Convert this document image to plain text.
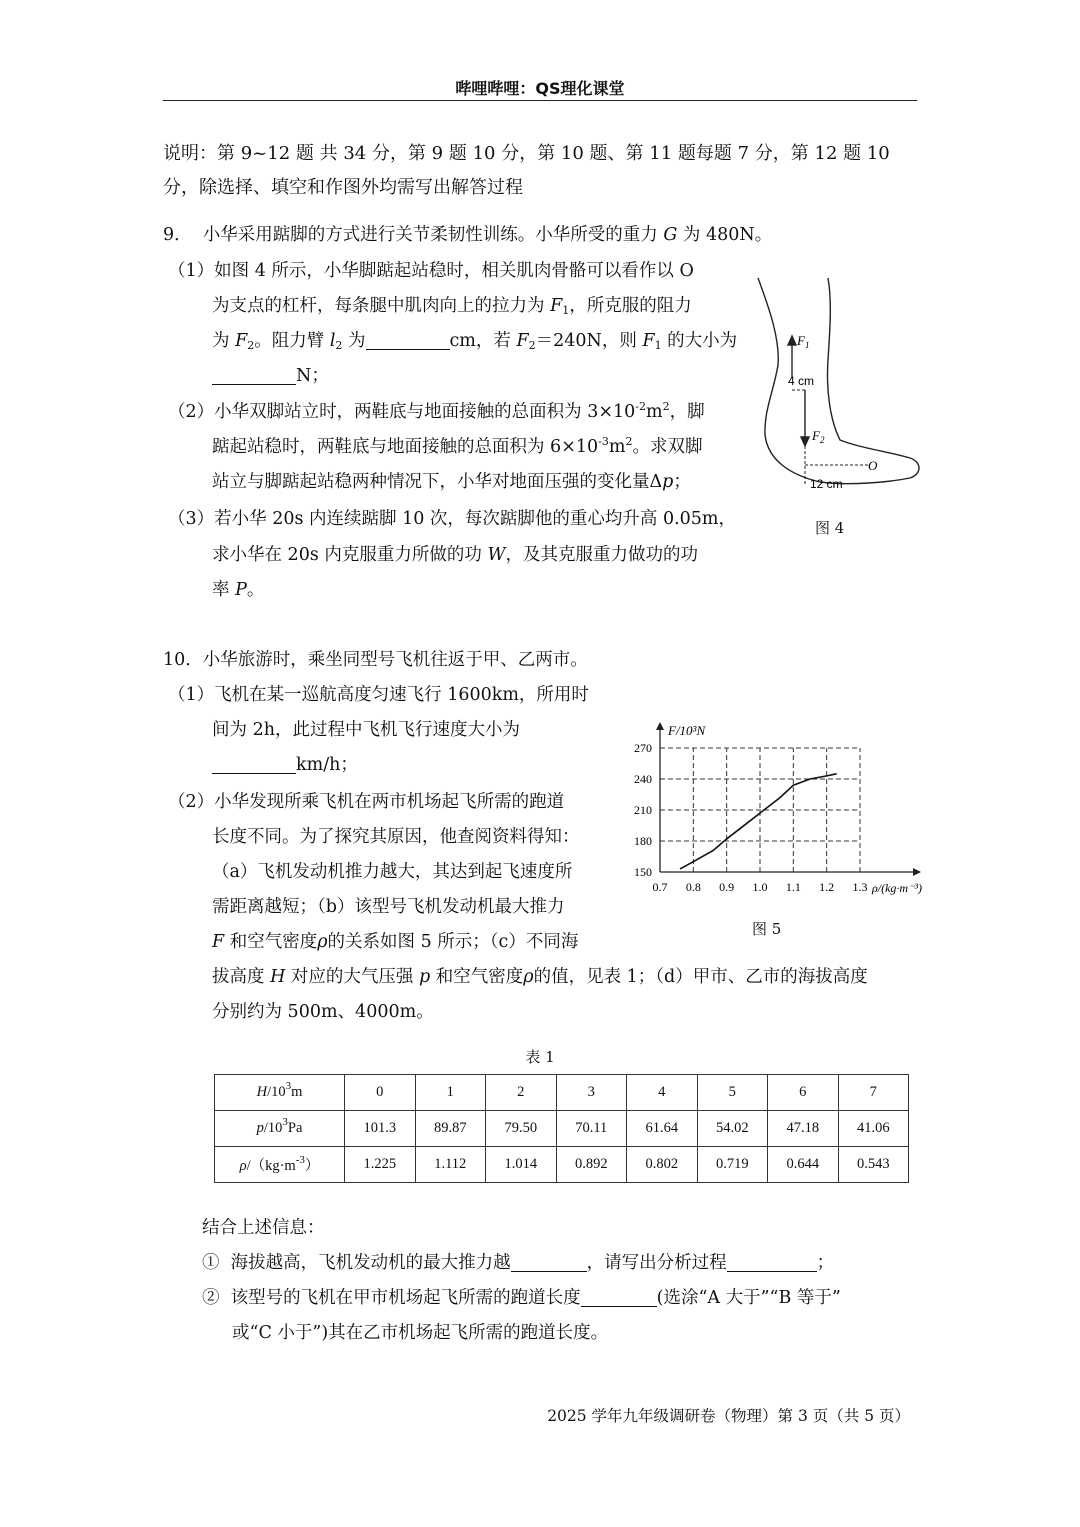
哔哩哔哩：QS理化课堂
说明：第 9~12 题 共 34 分，第 9 题 10 分，第 10 题、第 11 题每题 7 分，第 12 题 10 分，除选择、填空和作图外均需写出解答过程
9． 小华采用踮脚的方式进行关节柔韧性训练。小华所受的重力 G 为 480N。
（1）如图 4 所示，小华脚踮起站稳时，相关肌肉骨骼可以看作以 O
为支点的杠杆，每条腿中肌肉向上的拉力为 $F_1$，所克服的阻力
为 $F_2$。阻力臂 $l_2$ 为	cm，若 $F_2=240N$，则 $F_1$ 的大小为
N；
（2）小华双脚站立时，两鞋底与地面接触的总面积为 $3\times 10^{-2}m^2$，脚
踮起站稳时，两鞋底与地面接触的总面积为 $6\times 10^{-3}m^2$。求双脚
站立与脚踮起站稳两种情况下，小华对地面压强的变化量Δp；
（3）若小华 20s 内连续踮脚 10 次，每次踮脚他的重心均升高 0.05m，
求小华在 20s 内克服重力所做的功 W，及其克服重力做功的功
率 P。
$F_1$
4 cm
$F_2$
O
12 cm
图 4
10．小华旅游时，乘坐同型号飞机往返于甲、乙两市。
（1）飞机在某一巡航高度匀速飞行 1600km，所用时
间为 2h，此过程中飞机飞行速度大小为
km/h；
（2）小华发现所乘飞机在两市机场起飞所需的跑道
长度不同。为了探究其原因，他查阅资料得知：
（a）飞机发动机推力越大，其达到起飞速度所
需距离越短；（b）该型号飞机发动机最大推力
F 和空气密度ρ的关系如图 5 所示；（c）不同海
拔高度 H 对应的大气压强 p 和空气密度ρ的值，见表 1；（d）甲市、乙市的海拔高度
分别约为 500m、4000m。
0.7 0.8 0.9 1.0 1.1 1.2 1.3
150
180
210
240
270
F/10³N
ρ/(kg·m⁻³)
图 5
表 1
$H/10^3m$	0	1	2	3	4	5	6	7
$p/10^3Pa$	101.3	89.87	79.50	70.11	61.64	54.02	47.18	41.06
$\rho/(kg\cdot m^{-3})$	1.225	1.112	1.014	0.892	0.802	0.719	0.644	0.543
结合上述信息：
① 海拔越高，飞机发动机的最大推力越	，请写出分析过程	；
② 该型号的飞机在甲市机场起飞所需的跑道长度	(选涂“A 大于”“B 等于”
或“C 小于”)其在乙市机场起飞所需的跑道长度。
2025 学年九年级调研卷（物理）第 3 页（共 5 页）
